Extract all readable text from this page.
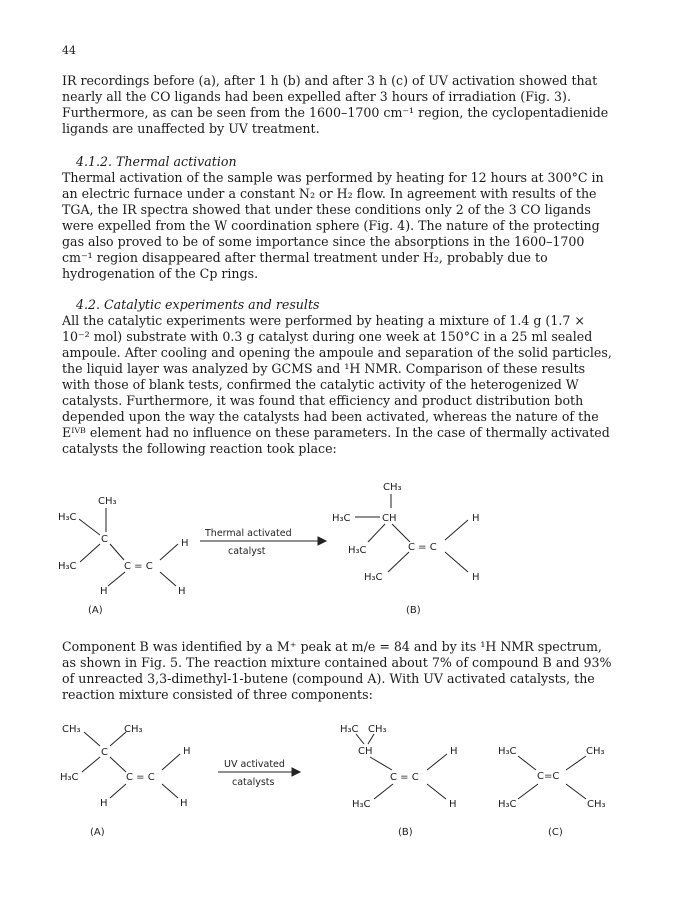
44

IR recordings before (a), after 1 h (b) and after 3 h (c) of UV activation showed that nearly all the CO ligands had been expelled after 3 hours of irradiation (Fig. 3). Furthermore, as can be seen from the 1600–1700 cm⁻¹ region, the cyclopentadienide ligands are unaffected by UV treatment.

4.1.2. Thermal activation

Thermal activation of the sample was performed by heating for 12 hours at 300°C in an electric furnace under a constant N₂ or H₂ flow. In agreement with results of the TGA, the IR spectra showed that under these conditions only 2 of the 3 CO ligands were expelled from the W coordination sphere (Fig. 4). The nature of the protecting gas also proved to be of some importance since the absorptions in the 1600–1700 cm⁻¹ region disappeared after thermal treatment under H₂, probably due to hydrogenation of the Cp rings.

4.2. Catalytic experiments and results

All the catalytic experiments were performed by heating a mixture of 1.4 g (1.7 × 10⁻² mol) substrate with 0.3 g catalyst during one week at 150°C in a 25 ml sealed ampoule. After cooling and opening the ampoule and separation of the solid particles, the liquid layer was analyzed by GCMS and ¹H NMR. Comparison of these results with those of blank tests, confirmed the catalytic activity of the heterogenized W catalysts. Furthermore, it was found that efficiency and product distribution both depended upon the way the catalysts had been activated, whereas the nature of the Eᴵⱽᴮ element had no influence on these parameters. In the case of thermally activated catalysts the following reaction took place:

CH₃
H₃C
C
H₃C	C = C
H
H	H
Thermal activated
catalyst
CH₃
H₃C	CH
H₃C	C = C
H
H
H₃C
(A)	(B)

Component B was identified by a M⁺ peak at m/e = 84 and by its ¹H NMR spectrum, as shown in Fig. 5. The reaction mixture contained about 7% of compound B and 93% of unreacted 3,3-dimethyl-1-butene (compound A). With UV activated catalysts, the reaction mixture consisted of three components:

CH₃	CH₃
C
H₃C	C = C
H
H	H
UV activated
catalysts
H₃C CH₃
CH
C = C
H
H
H₃C
H₃C	CH₃
C=C
H₃C	CH₃
(A)	(B)	(C)
